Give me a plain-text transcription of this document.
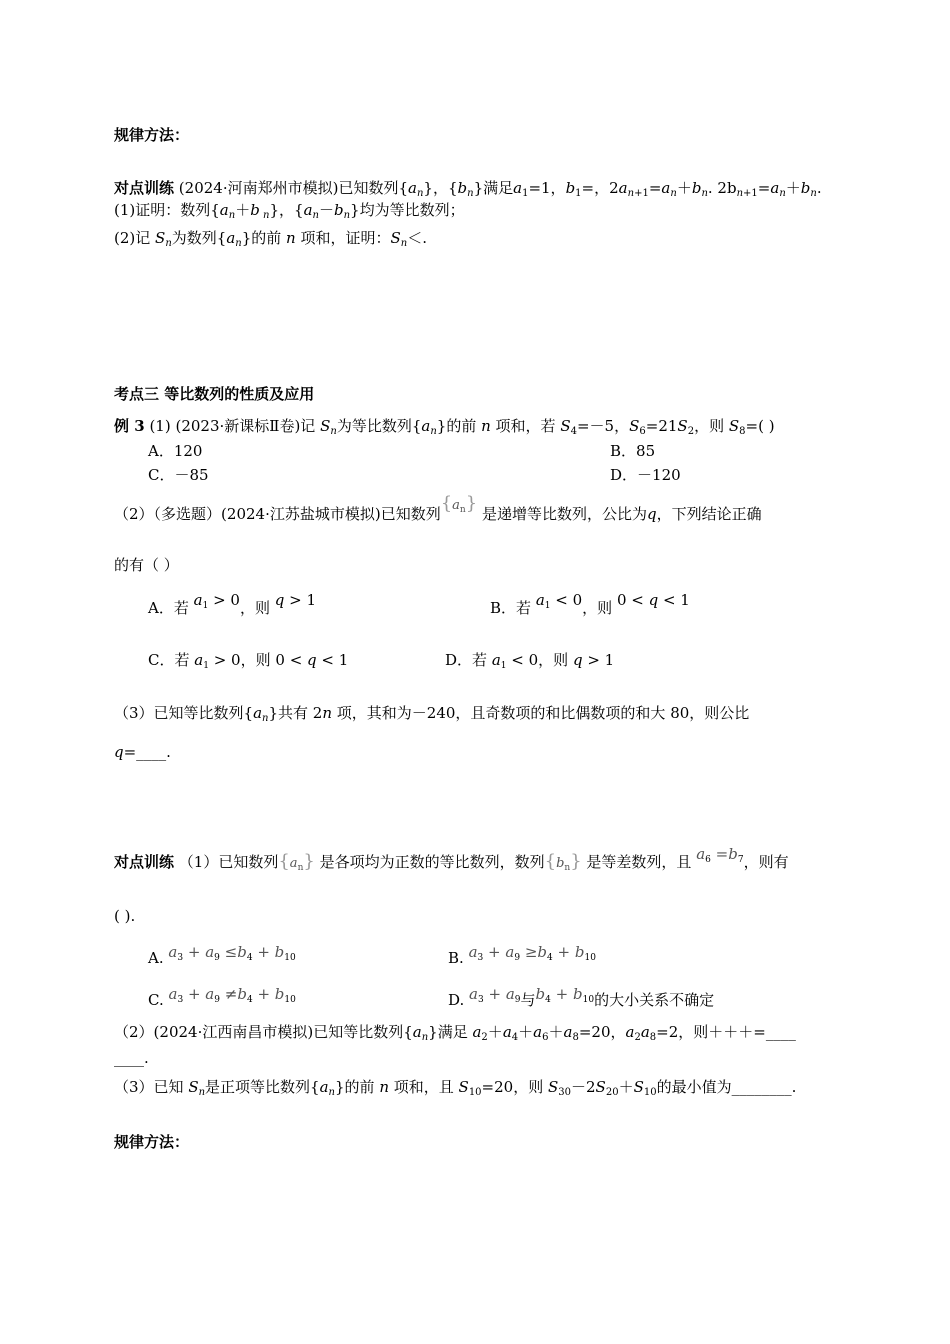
规律方法：
对点训练 (2024·河南郑州市模拟)已知数列$\{a_n\}$，$\{b_n\}$满足$a_1=1$，$b_1=$，$2a_{n+1}=a_n+b_n$. $2b_{n+1}=a_n+b_n$.
(1)证明：数列{$a_n+b$ $_n$}，$\{a_n-b_n\}$均为等比数列；
(2)记 $S_n$为数列$\{a_n\}$的前 n 项和，证明：$S_n<$.
考点三 等比数列的性质及应用
例 3 (1) (2023·新课标Ⅱ卷)记 $S_n$为等比数列$\{a_n\}$的前 n 项和，若 $S_4=-5$，$S_6=21S_2$，则 $S_8=$( )
A．120	B．85
C．－85	D．－120
（2）（多选题）(2024·江苏盐城市模拟)已知数列$\{a_n\}$ 是递增等比数列，公比为q，下列结论正确
的有（ ）
A．若 $a_1 > 0$，则 q > 1	B．若 $a_1 < 0$，则 0 < q < 1
C．若 $a_1 > 0$，则 0 < q < 1	D．若 $a_1 < 0$，则 q > 1
（3）已知等比数列$\{a_n\}$共有 2n 项，其和为－240，且奇数项的和比偶数项的和大 80，则公比
q=____.
对点训练 （1）已知数列$\{a_n\}$ 是各项均为正数的等比数列，数列$\{b_n\}$ 是等差数列，且 $a_6 =b_7$，则有
( ).
A. $a_3 + a_9 \le b_4 + b_{10}$	B. $a_3 + a_9 \ge b_4 + b_{10}$
C. $a_3 + a_9 \ne b_4 + b_{10}$	D. $a_3 + a_9$与$b_4 + b_{10}$的大小关系不确定
（2）(2024·江西南昌市模拟)已知等比数列$\{a_n\}$满足 $a_2+a_4+a_6+a_8=20$，$a_2a_8=2$，则＋＋＋=____
____.
（3）已知 $S_n$是正项等比数列$\{a_n\}$的前 n 项和，且 $S_{10}=20$，则 $S_{30}-2S_{20}+S_{10}$的最小值为________.
规律方法：
